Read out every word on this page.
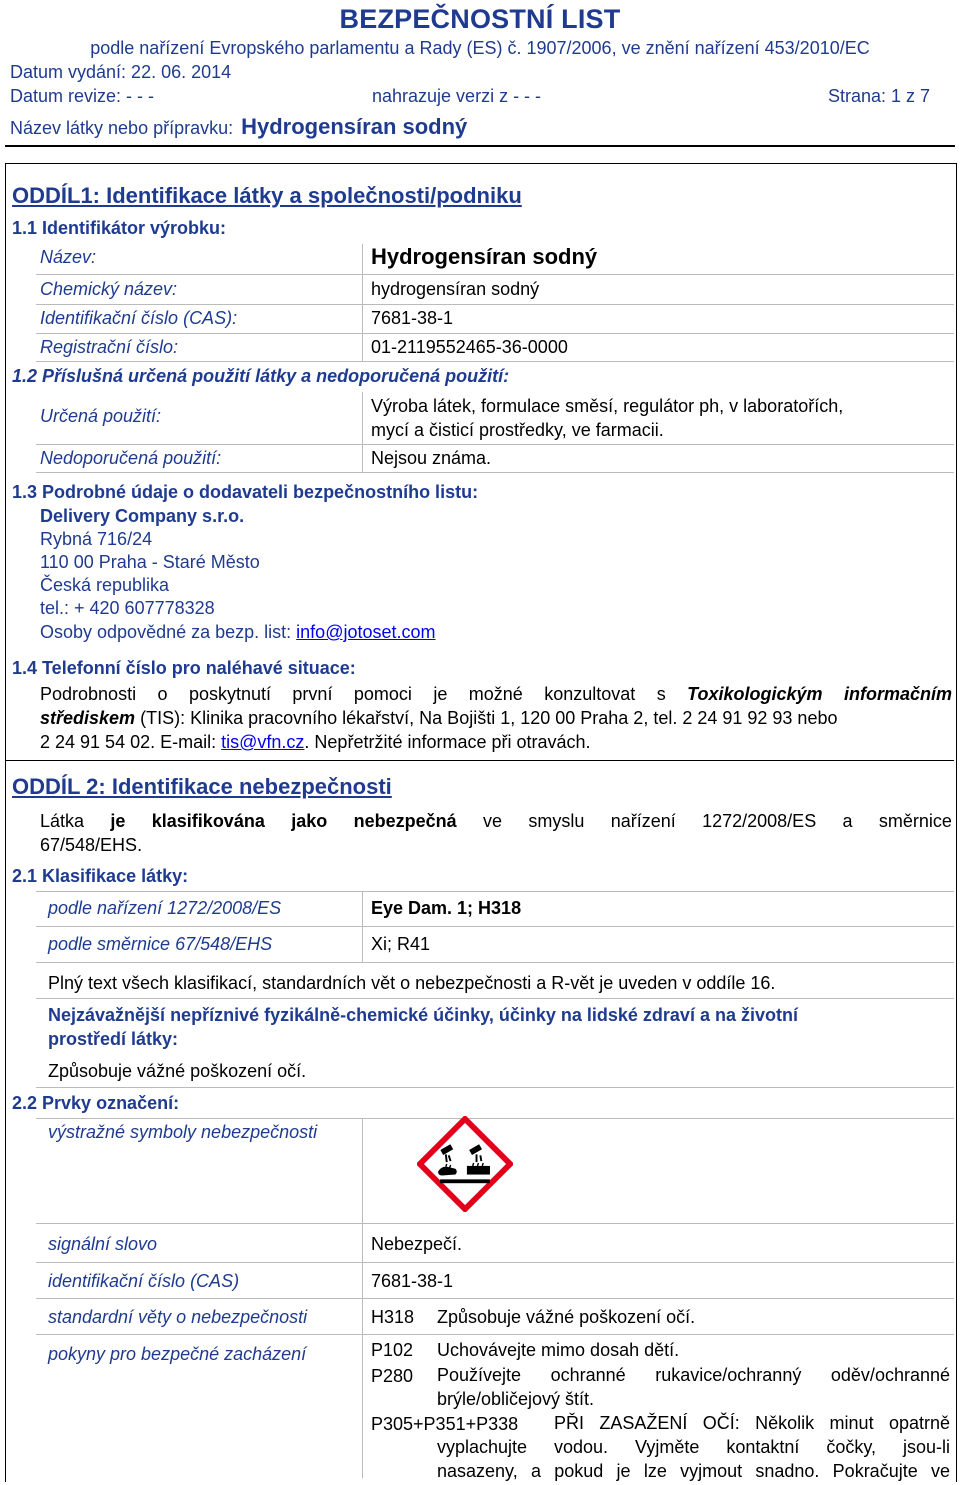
BEZPEČNOSTNÍ LIST
podle nařízení Evropského parlamentu a Rady (ES) č. 1907/2006, ve znění nařízení 453/2010/EC
Datum vydání: 22. 06. 2014
Datum revize: - - -	nahrazuje verzi z - - -	Strana: 1 z 7
Název látky nebo přípravku: Hydrogensíran sodný
ODDÍL1: Identifikace látky a společnosti/podniku
1.1 Identifikátor výrobku:
Název:	Hydrogensíran sodný
Chemický název:	hydrogensíran sodný
Identifikační číslo (CAS):	7681-38-1
Registrační číslo:	01-2119552465-36-0000
1.2 Příslušná určená použití látky a nedoporučená použití:
Určená použití:	Výroba látek, formulace směsí, regulátor ph, v laboratořích,
mycí a čisticí prostředky, ve farmacii.
Nedoporučená použití:	Nejsou známa.
1.3 Podrobné údaje o dodavateli bezpečnostního listu:
Delivery Company s.r.o.
Rybná 716/24
110 00 Praha - Staré Město
Česká republika
tel.: + 420 607778328
Osoby odpovědné za bezp. list: info@jotoset.com
1.4 Telefonní číslo pro naléhavé situace:
Podrobnosti o poskytnutí první pomoci je možné konzultovat s Toxikologickým informačním
střediskem (TIS): Klinika pracovního lékařství, Na Bojišti 1, 120 00 Praha 2, tel. 2 24 91 92 93 nebo
2 24 91 54 02. E-mail: tis@vfn.cz. Nepřetržité informace při otravách.
ODDÍL 2: Identifikace nebezpečnosti
Látka je klasifikována jako nebezpečná ve smyslu nařízení 1272/2008/ES a směrnice
67/548/EHS.
2.1 Klasifikace látky:
podle nařízení 1272/2008/ES	Eye Dam. 1; H318
podle směrnice 67/548/EHS	Xi; R41
Plný text všech klasifikací, standardních vět o nebezpečnosti a R-vět je uveden v oddíle 16.
Nejzávažnější nepříznivé fyzikálně-chemické účinky, účinky na lidské zdraví a na životní
prostředí látky:
Způsobuje vážné poškození očí.
2.2 Prvky označení:
výstražné symboly nebezpečnosti
signální slovo	Nebezpečí.
identifikační číslo (CAS)	7681-38-1
standardní věty o nebezpečnosti	H318 Způsobuje vážné poškození očí.
pokyny pro bezpečné zacházení	P102 Uchovávejte mimo dosah dětí.
P280 Používejte ochranné rukavice/ochranný oděv/ochranné
brýle/obličejový štít.
P305+P351+P338 PŘI ZASAŽENÍ OČÍ: Několik minut opatrně
vyplachujte vodou. Vyjměte kontaktní čočky, jsou-li
nasazeny, a pokud je lze vyjmout snadno. Pokračujte ve
